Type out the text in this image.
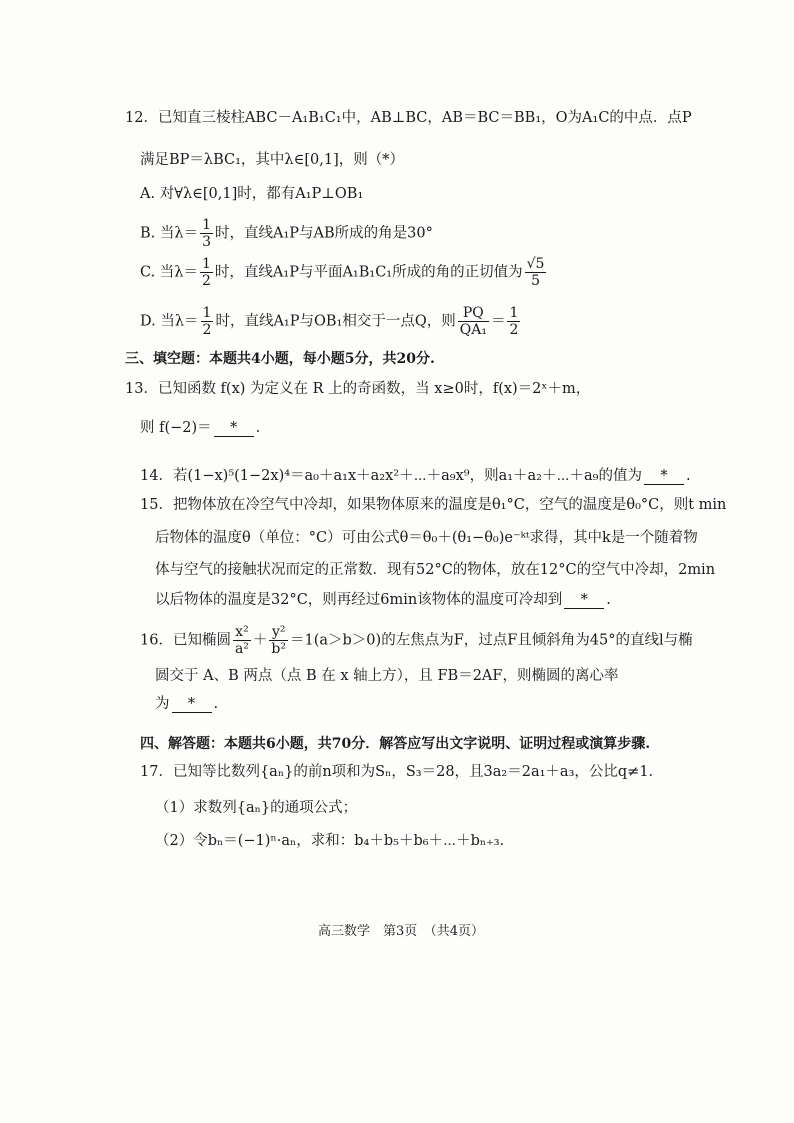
12．已知直三棱柱ABC－A₁B₁C₁中，AB⊥BC，AB＝BC＝BB₁，O为A₁C的中点．点P
满足BP＝λBC₁，其中λ∈[0,1]，则（*）
A. 对∀λ∈[0,1]时，都有A₁P⊥OB₁
B. 当$\lambda= \frac{1}{3}$ 时，直线A₁P与AB所成的角是30°
C. 当$\lambda= \frac{1}{2}$ 时，直线A₁P与平面A₁B₁C₁所成的角的正切值为 $\frac{√5}{5}$
D. 当$\lambda= \frac{1}{2}$ 时，直线A₁P与OB₁相交于一点Q，则 $\frac{PQ}{\text{QA₁}} = \frac{1}{2}$
三、填空题：本题共4小题，每小题5分，共20分.
13．已知函数 f(x) 为定义在 R 上的奇函数，当 x≥0时，f(x)＝2ˣ＋m，
则 f(−2)＝ * .
14．若(1−x)⁵(1−2x)⁴＝a₀＋a₁x＋a₂x²＋⋯＋a₉x⁹，则a₁＋a₂＋⋯＋a₉的值为 * .
15．把物体放在冷空气中冷却，如果物体原来的温度是θ₁°C，空气的温度是θ₀°C，则t min
后物体的温度θ（单位：°C）可由公式θ＝θ₀＋(θ₁−θ₀)e⁻ᵏᵗ求得，其中k是一个随着物
体与空气的接触状况而定的正常数．现有52°C的物体，放在12°C的空气中冷却，2min
以后物体的温度是32°C，则再经过6min该物体的温度可冷却到 * .
16．已知椭圆 $\frac{\text{x²}}{\text{a²}} + \frac{\text{y²}}{\text{b²}} =1(a>b>0)$的左焦点为F，过点F且倾斜角为45°的直线l与椭
圆交于 A、B 两点（点 B 在 x 轴上方），且 FB＝2AF，则椭圆的离心率
为 * .
四、解答题：本题共6小题，共70分．解答应写出文字说明、证明过程或演算步骤.
17．已知等比数列{aₙ}的前n项和为Sₙ，S₃＝28，且3a₂＝2a₁＋a₃，公比q≠1．
（1）求数列{aₙ}的通项公式；
（2）令bₙ＝(−1)ⁿ·aₙ，求和：b₄＋b₅＋b₆＋⋯＋bₙ₊₃．
高三数学　第3页　（共4页）
